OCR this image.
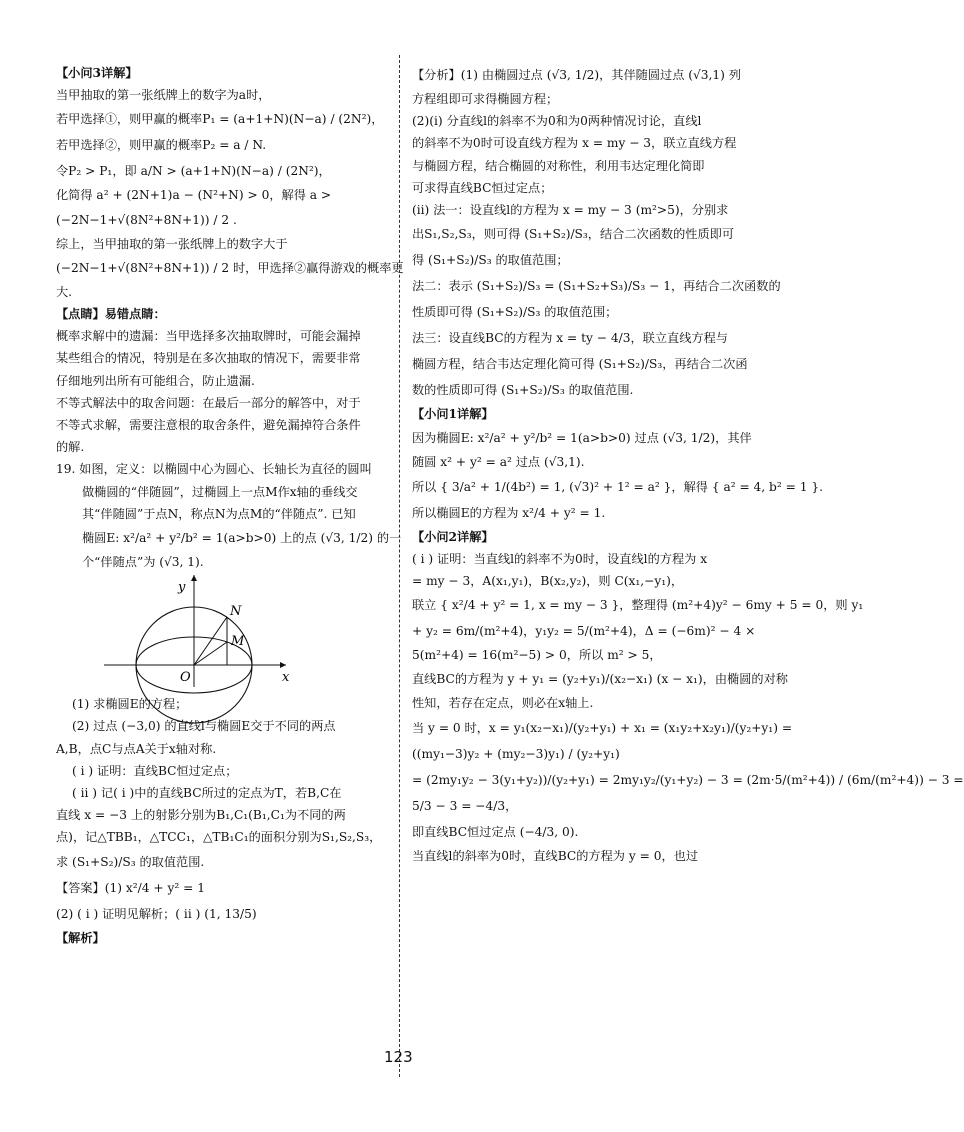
【小问3详解】

当甲抽取的第一张纸牌上的数字为a时，

若甲选择①，则甲赢的概率P₁ = (a+1+N)(N−a) / (2N²)，

若甲选择②，则甲赢的概率P₂ = a / N.

令P₂ > P₁，即 a/N > (a+1+N)(N−a) / (2N²)，

化简得 a² + (2N+1)a − (N²+N) > 0，解得 a >

(−2N−1+√(8N²+8N+1)) / 2 .

综上，当甲抽取的第一张纸牌上的数字大于

(−2N−1+√(8N²+8N+1)) / 2 时，甲选择②赢得游戏的概率更

大.

【点睛】易错点睛：

概率求解中的遗漏：当甲选择多次抽取牌时，可能会漏掉

某些组合的情况，特别是在多次抽取的情况下，需要非常

仔细地列出所有可能组合，防止遗漏.

不等式解法中的取舍问题：在最后一部分的解答中，对于

不等式求解，需要注意根的取舍条件，避免漏掉符合条件

的解.

19. 如图，定义：以椭圆中心为圆心、长轴长为直径的圆叫

做椭圆的“伴随圆”，过椭圆上一点M作x轴的垂线交

其“伴随圆”于点N，称点N为点M的“伴随点”. 已知

椭圆E: x²/a² + y²/b² = 1(a>b>0) 上的点 (√3, 1/2) 的一

个“伴随点”为 (√3, 1).

y
N
M
O	x

(1) 求椭圆E的方程；

(2) 过点 (−3,0) 的直线l与椭圆E交于不同的两点

A,B，点C与点A关于x轴对称.

( i ) 证明：直线BC恒过定点；

( ii ) 记( i )中的直线BC所过的定点为T，若B,C在

直线 x = −3 上的射影分别为B₁,C₁(B₁,C₁为不同的两

点)，记△TBB₁，△TCC₁，△TB₁C₁的面积分别为S₁,S₂,S₃，

求 (S₁+S₂)/S₃ 的取值范围.

【答案】(1) x²/4 + y² = 1

(2) ( i ) 证明见解析；( ii ) (1, 13/5)

【解析】

【分析】(1) 由椭圆过点 (√3, 1/2)，其伴随圆过点 (√3,1) 列

方程组即可求得椭圆方程；

(2)(i) 分直线l的斜率不为0和为0两种情况讨论，直线l

的斜率不为0时可设直线方程为 x = my − 3，联立直线方程

与椭圆方程，结合椭圆的对称性，利用韦达定理化简即

可求得直线BC恒过定点；

(ii) 法一：设直线l的方程为 x = my − 3 (m²>5)，分别求

出S₁,S₂,S₃，则可得 (S₁+S₂)/S₃，结合二次函数的性质即可

得 (S₁+S₂)/S₃ 的取值范围；

法二：表示 (S₁+S₂)/S₃ = (S₁+S₂+S₃)/S₃ − 1，再结合二次函数的

性质即可得 (S₁+S₂)/S₃ 的取值范围；

法三：设直线BC的方程为 x = ty − 4/3，联立直线方程与

椭圆方程，结合韦达定理化简可得 (S₁+S₂)/S₃，再结合二次函

数的性质即可得 (S₁+S₂)/S₃ 的取值范围.

【小问1详解】

因为椭圆E: x²/a² + y²/b² = 1(a>b>0) 过点 (√3, 1/2)，其伴

随圆 x² + y² = a² 过点 (√3,1).

所以 { 3/a² + 1/(4b²) = 1, (√3)² + 1² = a² }，解得 { a² = 4, b² = 1 }.

所以椭圆E的方程为 x²/4 + y² = 1.

【小问2详解】

( i ) 证明：当直线l的斜率不为0时，设直线l的方程为 x

= my − 3，A(x₁,y₁)，B(x₂,y₂)，则 C(x₁,−y₁)，

联立 { x²/4 + y² = 1, x = my − 3 }，整理得 (m²+4)y² − 6my + 5 = 0，则 y₁

+ y₂ = 6m/(m²+4)，y₁y₂ = 5/(m²+4)，Δ = (−6m)² − 4 ×

5(m²+4) = 16(m²−5) > 0，所以 m² > 5，

直线BC的方程为 y + y₁ = (y₂+y₁)/(x₂−x₁) (x − x₁)，由椭圆的对称

性知，若存在定点，则必在x轴上.

当 y = 0 时，x = y₁(x₂−x₁)/(y₂+y₁) + x₁ = (x₁y₂+x₂y₁)/(y₂+y₁) =

((my₁−3)y₂ + (my₂−3)y₁) / (y₂+y₁)

= (2my₁y₂ − 3(y₁+y₂))/(y₂+y₁) = 2my₁y₂/(y₁+y₂) − 3 = (2m·5/(m²+4)) / (6m/(m²+4)) − 3 =

5/3 − 3 = −4/3，

即直线BC恒过定点 (−4/3, 0).

当直线l的斜率为0时，直线BC的方程为 y = 0，也过

123
